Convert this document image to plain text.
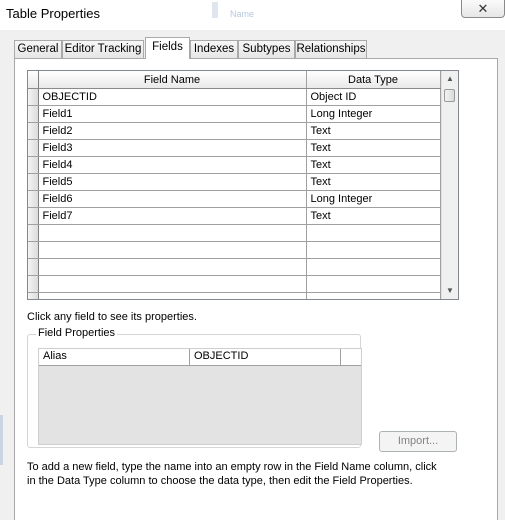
Table Properties	Name	✕
General Editor Tracking Fields Indexes Subtypes Relationships
	Field Name	Data Type
	OBJECTID	Object ID
	Field1	Long Integer
	Field2	Text
	Field3	Text
	Field4	Text
	Field5	Text
	Field6	Long Integer
	Field7	Text

▲
▼
Click any field to see its properties.
Field Properties
Alias	OBJECTID
Import...
To add a new field, type the name into an empty row in the Field Name column, click in the Data Type column to choose the data type, then edit the Field Properties.
